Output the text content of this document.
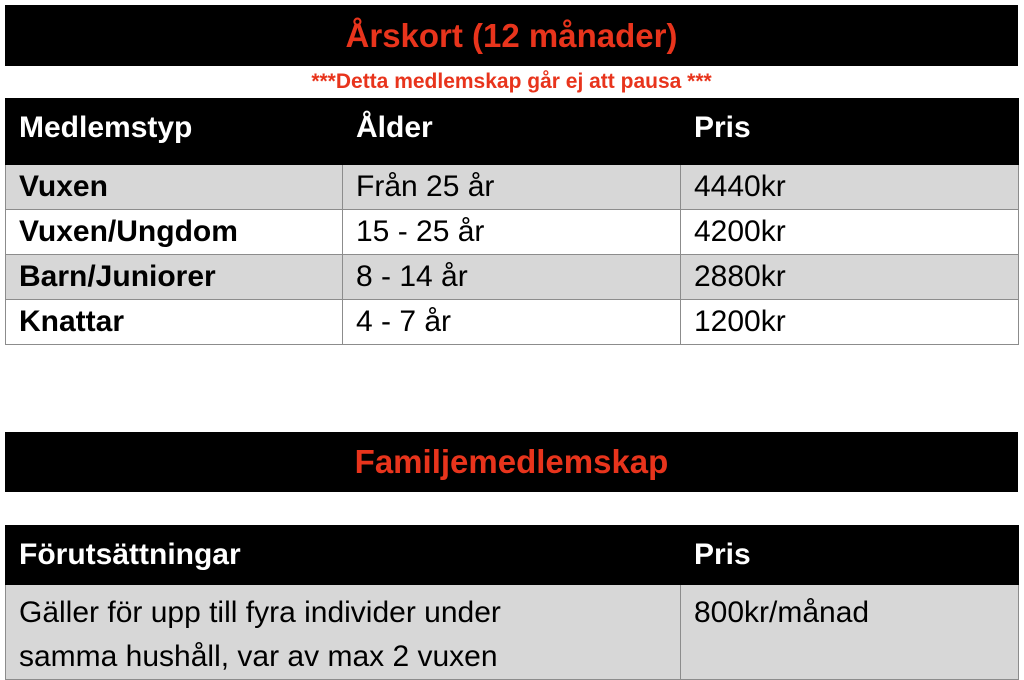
Årskort (12 månader)
***Detta medlemskap går ej att pausa ***
Medlemstyp	Ålder	Pris
Vuxen	Från 25 år	4440kr
Vuxen/Ungdom	15 - 25 år	4200kr
Barn/Juniorer	8 - 14 år	2880kr
Knattar	4 - 7 år	1200kr
Familjemedlemskap
Förutsättningar	Pris
Gäller för upp till fyra individer under
samma hushåll, var av max 2 vuxen	800kr/månad
